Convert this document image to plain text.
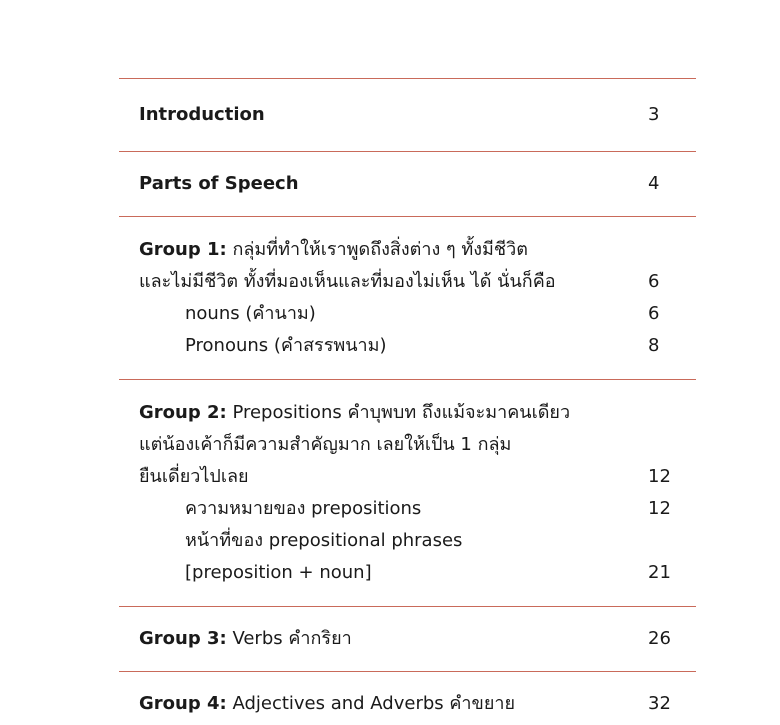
Introduction	3
Parts of Speech	4
Group 1: กลุ่มที่ทำให้เราพูดถึงสิ่งต่าง ๆ ทั้งมีชีวิต
และไม่มีชีวิต ทั้งที่มองเห็นและที่มองไม่เห็น ได้ นั่นก็คือ	6
nouns (คำนาม)	6
Pronouns (คำสรรพนาม)	8
Group 2: Prepositions คำบุพบท ถึงแม้จะมาคนเดียว
แต่น้องเค้าก็มีความสำคัญมาก เลยให้เป็น 1 กลุ่ม
ยืนเดี่ยวไปเลย	12
ความหมายของ prepositions	12
หน้าที่ของ prepositional phrases
[preposition + noun]	21
Group 3: Verbs คำกริยา	26
Group 4: Adjectives and Adverbs คำขยาย	32
